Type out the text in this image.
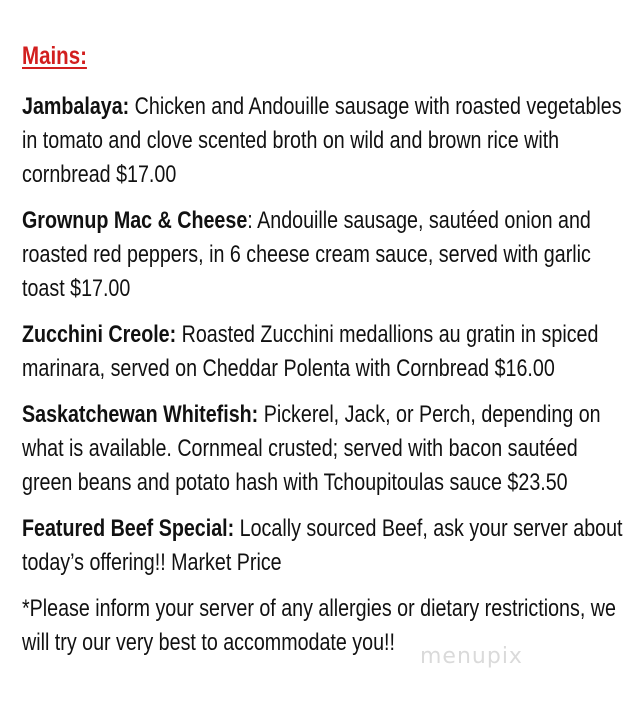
Mains:
Jambalaya: Chicken and Andouille sausage with roasted vegetables in tomato and clove scented broth on wild and brown rice with cornbread $17.00
Grownup Mac & Cheese: Andouille sausage, sautéed onion and roasted red peppers, in 6 cheese cream sauce, served with garlic toast $17.00
Zucchini Creole: Roasted Zucchini medallions au gratin in spiced marinara, served on Cheddar Polenta with Cornbread $16.00
Saskatchewan Whitefish: Pickerel, Jack, or Perch, depending on what is available. Cornmeal crusted; served with bacon sautéed green beans and potato hash with Tchoupitoulas sauce $23.50
Featured Beef Special: Locally sourced Beef, ask your server about today’s offering!! Market Price
*Please inform your server of any allergies or dietary restrictions, we will try our very best to accommodate you!!
menupix
